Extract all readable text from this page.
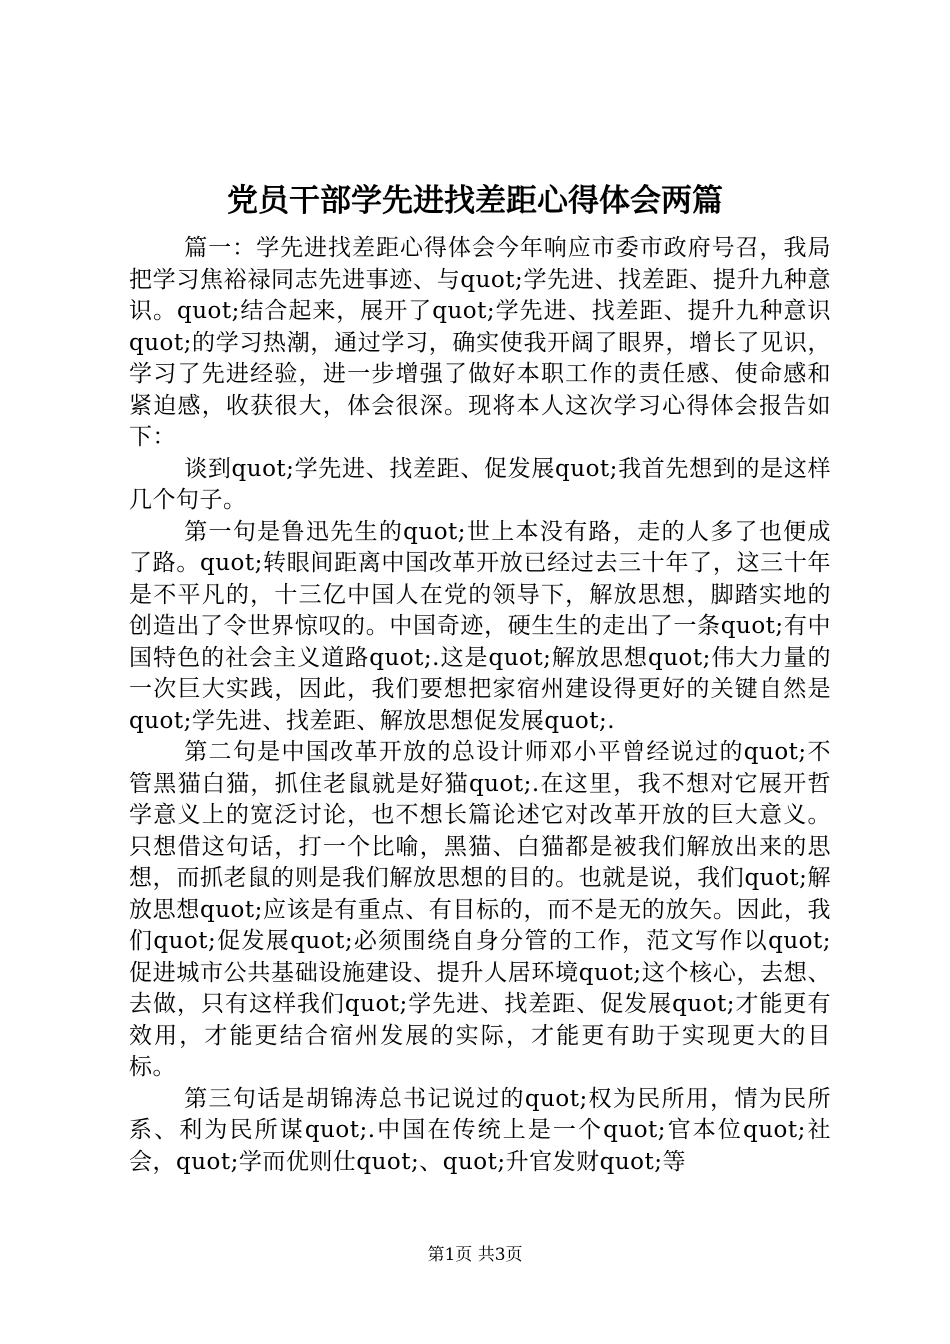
党员干部学先进找差距心得体会两篇

篇一：学先进找差距心得体会今年响应市委市政府号召，我局把学习焦裕禄同志先进事迹、与quot;学先进、找差距、提升九种意识。quot;结合起来，展开了quot;学先进、找差距、提升九种意识quot;的学习热潮，通过学习，确实使我开阔了眼界，增长了见识，学习了先进经验，进一步增强了做好本职工作的责任感、使命感和紧迫感，收获很大，体会很深。现将本人这次学习心得体会报告如下：

谈到quot;学先进、找差距、促发展quot;我首先想到的是这样几个句子。

第一句是鲁迅先生的quot;世上本没有路，走的人多了也便成了路。quot;转眼间距离中国改革开放已经过去三十年了，这三十年是不平凡的，十三亿中国人在党的领导下，解放思想，脚踏实地的创造出了令世界惊叹的。中国奇迹，硬生生的走出了一条quot;有中国特色的社会主义道路quot;.这是quot;解放思想quot;伟大力量的一次巨大实践，因此，我们要想把家宿州建设得更好的关键自然是quot;学先进、找差距、解放思想促发展quot;.

第二句是中国改革开放的总设计师邓小平曾经说过的quot;不管黑猫白猫，抓住老鼠就是好猫quot;.在这里，我不想对它展开哲学意义上的宽泛讨论，也不想长篇论述它对改革开放的巨大意义。只想借这句话，打一个比喻，黑猫、白猫都是被我们解放出来的思想，而抓老鼠的则是我们解放思想的目的。也就是说，我们quot;解放思想quot;应该是有重点、有目标的，而不是无的放矢。因此，我们quot;促发展quot;必须围绕自身分管的工作，范文写作以quot;促进城市公共基础设施建设、提升人居环境quot;这个核心，去想、去做，只有这样我们quot;学先进、找差距、促发展quot;才能更有效用，才能更结合宿州发展的实际，才能更有助于实现更大的目标。

第三句话是胡锦涛总书记说过的quot;权为民所用，情为民所系、利为民所谋quot;.中国在传统上是一个quot;官本位quot;社会，quot;学而优则仕quot;、quot;升官发财quot;等

第1页 共3页
